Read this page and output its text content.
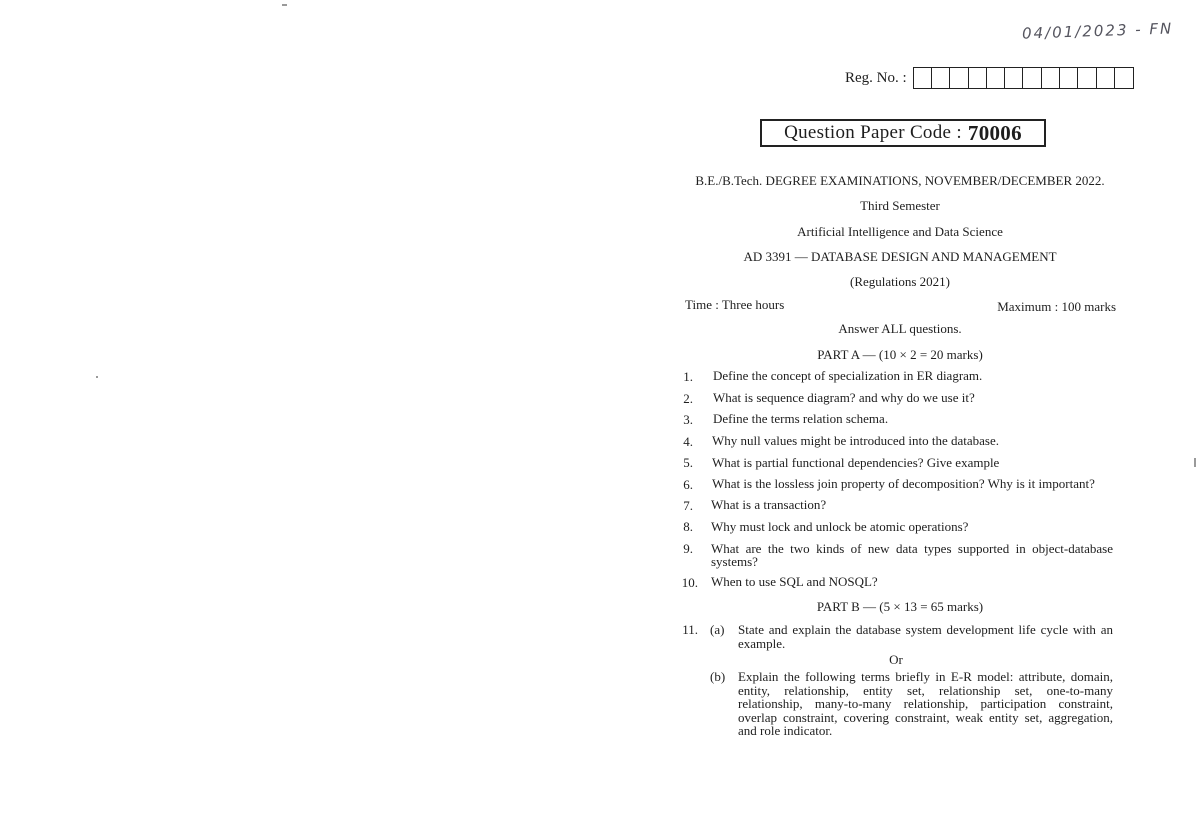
04/01/2023 - FN
Reg. No. :
Question Paper Code : 70006
B.E./B.Tech. DEGREE EXAMINATIONS, NOVEMBER/DECEMBER 2022.
Third Semester
Artificial Intelligence and Data Science
AD 3391 — DATABASE DESIGN AND MANAGEMENT
(Regulations 2021)
Time : Three hours	Maximum : 100 marks
Answer ALL questions.
PART A — (10 × 2 = 20 marks)
1. Define the concept of specialization in ER diagram.
2. What is sequence diagram? and why do we use it?
3. Define the terms relation schema.
4. Why null values might be introduced into the database.
5. What is partial functional dependencies? Give example
6. What is the lossless join property of decomposition? Why is it important?
7. What is a transaction?
8. Why must lock and unlock be atomic operations?
9. What are the two kinds of new data types supported in object-database systems?
10. When to use SQL and NOSQL?
PART B — (5 × 13 = 65 marks)
11. (a) State and explain the database system development life cycle with an example.
Or
(b) Explain the following terms briefly in E-R model: attribute, domain, entity, relationship, entity set, relationship set, one-to-many relationship, many-to-many relationship, participation constraint, overlap constraint, covering constraint, weak entity set, aggregation, and role indicator.
